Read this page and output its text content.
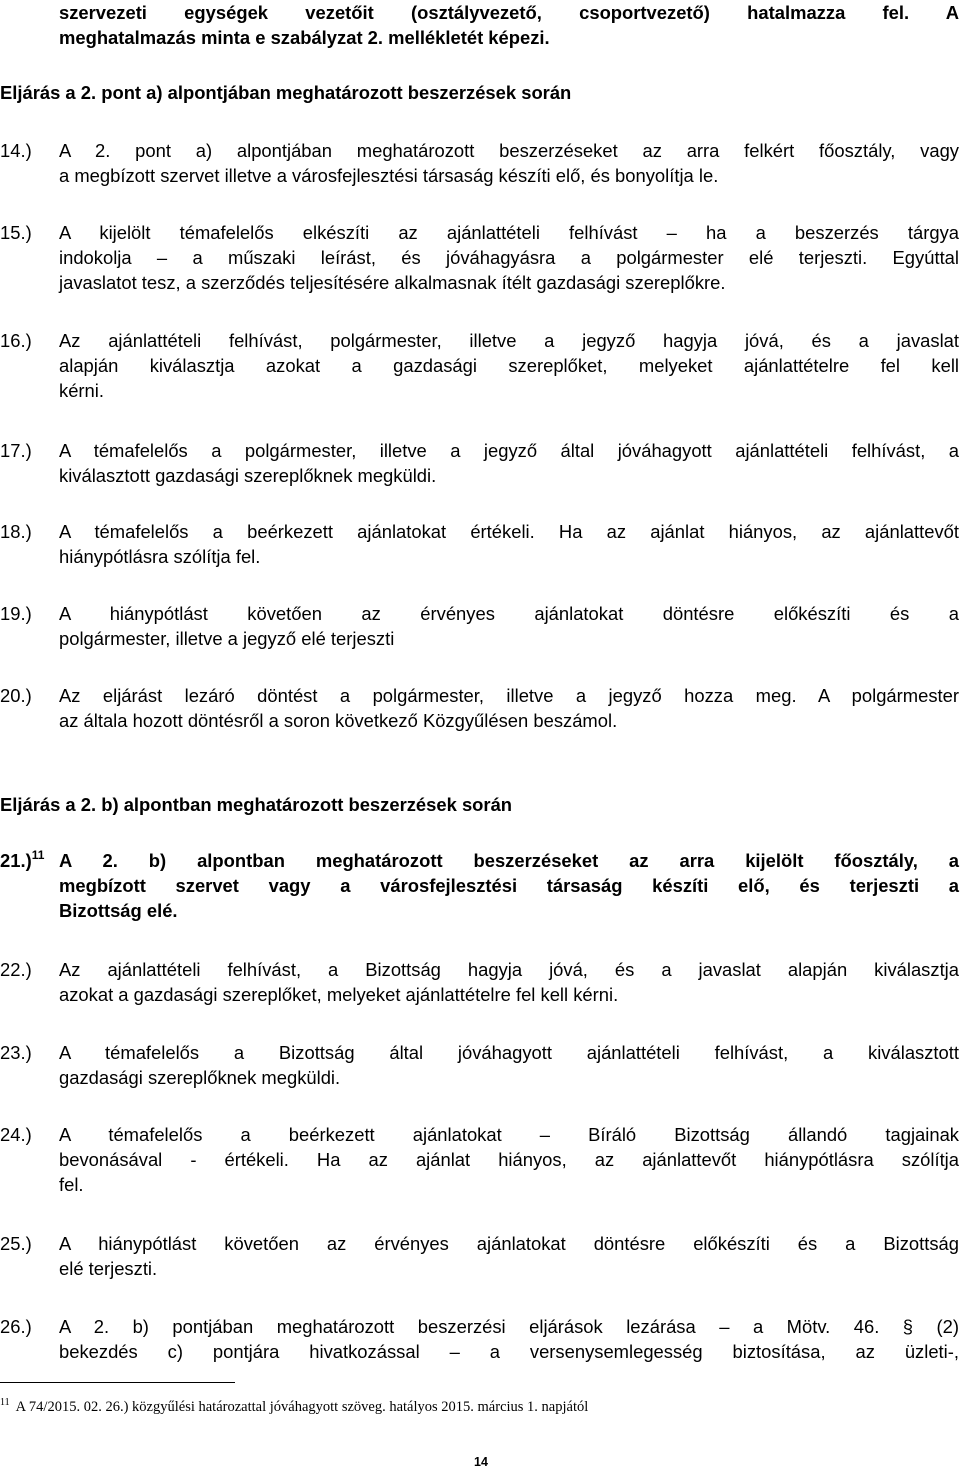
szervezeti egységek vezetőit (osztályvezető, csoportvezető) hatalmazza fel. A
meghatalmazás minta e szabályzat 2. mellékletét képezi.
Eljárás a 2. pont a) alpontjában meghatározott beszerzések során
14.) A 2. pont a) alpontjában meghatározott beszerzéseket az arra felkért főosztály, vagy
a megbízott szervet illetve a városfejlesztési társaság készíti elő, és bonyolítja le.
15.) A kijelölt témafelelős elkészíti az ajánlattételi felhívást – ha a beszerzés tárgya
indokolja – a műszaki leírást, és jóváhagyásra a polgármester elé terjeszti. Egyúttal
javaslatot tesz, a szerződés teljesítésére alkalmasnak ítélt gazdasági szereplőkre.
16.) Az ajánlattételi felhívást, polgármester, illetve a jegyző hagyja jóvá, és a javaslat
alapján kiválasztja azokat a gazdasági szereplőket, melyeket ajánlattételre fel kell
kérni.
17.) A témafelelős a polgármester, illetve a jegyző által jóváhagyott ajánlattételi felhívást, a
kiválasztott gazdasági szereplőknek megküldi.
18.) A témafelelős a beérkezett ajánlatokat értékeli. Ha az ajánlat hiányos, az ajánlattevőt
hiánypótlásra szólítja fel.
19.) A hiánypótlást követően az érvényes ajánlatokat döntésre előkészíti és a
polgármester, illetve a jegyző elé terjeszti
20.) Az eljárást lezáró döntést a polgármester, illetve a jegyző hozza meg. A polgármester
az általa hozott döntésről a soron következő Közgyűlésen beszámol.
Eljárás a 2. b) alpontban meghatározott beszerzések során
21.)$^{11}$ A 2. b) alpontban meghatározott beszerzéseket az arra kijelölt főosztály, a
megbízott szervet vagy a városfejlesztési társaság készíti elő, és terjeszti a
Bizottság elé.
22.) Az ajánlattételi felhívást, a Bizottság hagyja jóvá, és a javaslat alapján kiválasztja
azokat a gazdasági szereplőket, melyeket ajánlattételre fel kell kérni.
23.) A témafelelős a Bizottság által jóváhagyott ajánlattételi felhívást, a kiválasztott
gazdasági szereplőknek megküldi.
24.) A témafelelős a beérkezett ajánlatokat – Bíráló Bizottság állandó tagjainak
bevonásával - értékeli. Ha az ajánlat hiányos, az ajánlattevőt hiánypótlásra szólítja
fel.
25.) A hiánypótlást követően az érvényes ajánlatokat döntésre előkészíti és a Bizottság
elé terjeszti.
26.) A 2. b) pontjában meghatározott beszerzési eljárások lezárása – a Mötv. 46. § (2)
bekezdés c) pontjára hivatkozással – a versenysemlegesség biztosítása, az üzleti-,
$^{11}$ A 74/2015. 02. 26.) közgyűlési határozattal jóváhagyott szöveg. hatályos 2015. március 1. napjától
14
